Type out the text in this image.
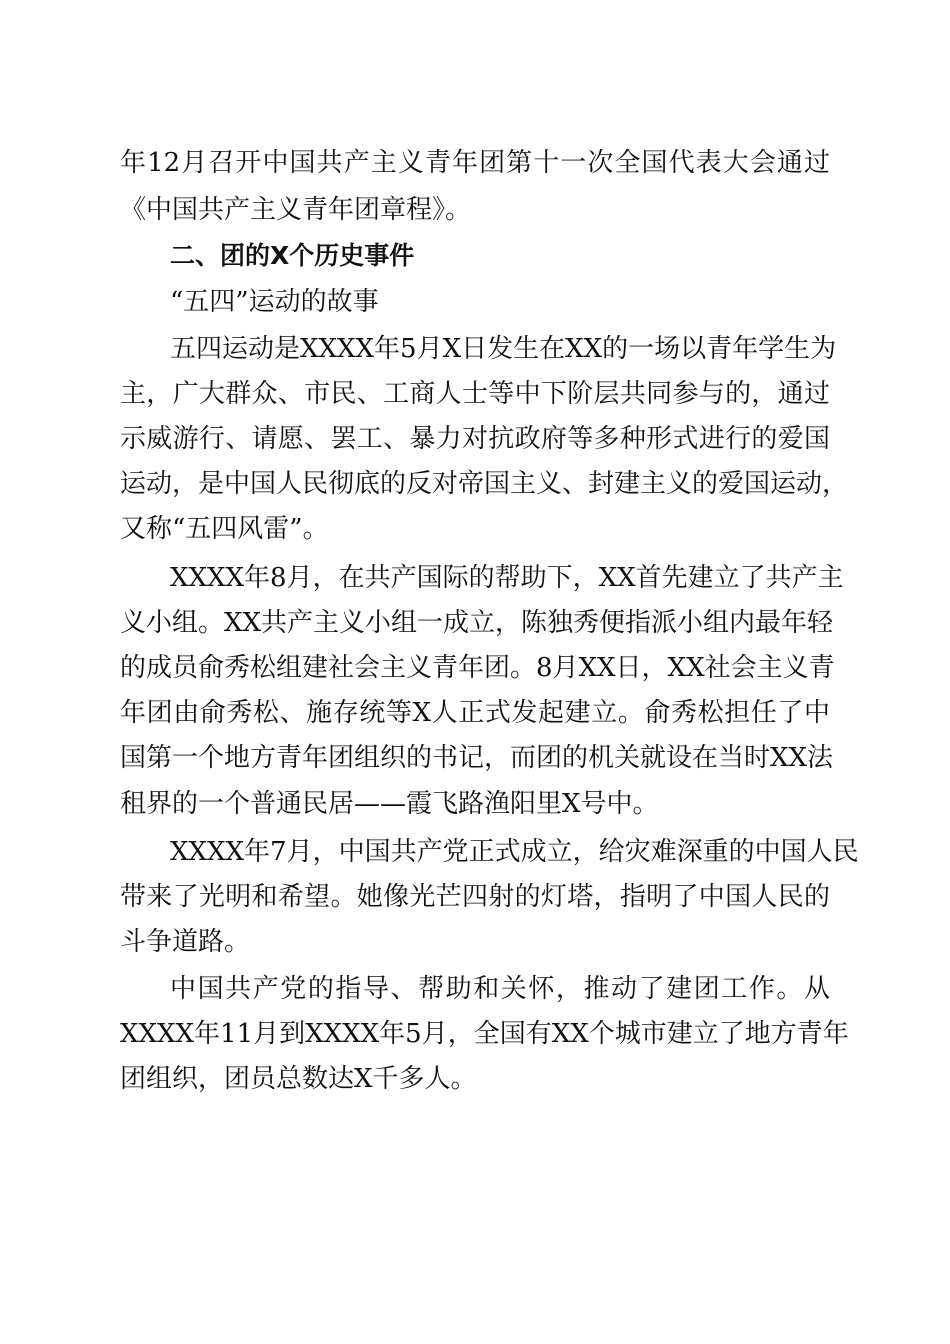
年12月召开中国共产主义青年团第十一次全国代表大会通过
《中国共产主义青年团章程》。
二、团的X个历史事件
“五四”运动的故事
五四运动是XXXX年5月X日发生在XX的一场以青年学生为
主，广大群众、市民、工商人士等中下阶层共同参与的，通过
示威游行、请愿、罢工、暴力对抗政府等多种形式进行的爱国
运动，是中国人民彻底的反对帝国主义、封建主义的爱国运动，
又称“五四风雷”。
XXXX年8月，在共产国际的帮助下，XX首先建立了共产主
义小组。XX共产主义小组一成立，陈独秀便指派小组内最年轻
的成员俞秀松组建社会主义青年团。8月XX日，XX社会主义青
年团由俞秀松、施存统等X人正式发起建立。俞秀松担任了中
国第一个地方青年团组织的书记，而团的机关就设在当时XX法
租界的一个普通民居——霞飞路渔阳里X号中。
XXXX年7月，中国共产党正式成立，给灾难深重的中国人民
带来了光明和希望。她像光芒四射的灯塔，指明了中国人民的
斗争道路。
中国共产党的指导、帮助和关怀，推动了建团工作。从
XXXX年11月到XXXX年5月，全国有XX个城市建立了地方青年
团组织，团员总数达X千多人。
